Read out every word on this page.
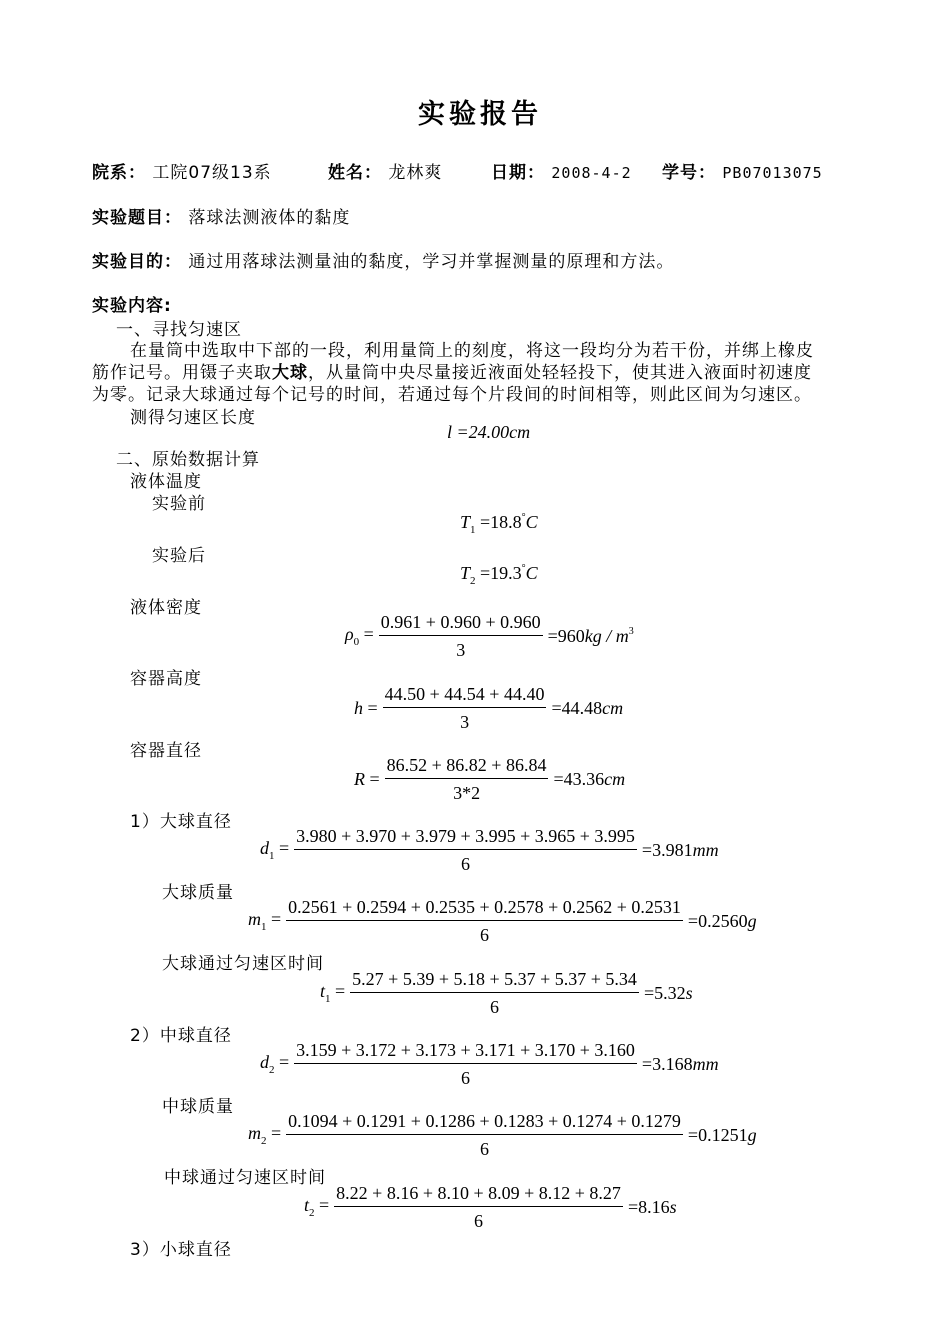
实验报告
院系： 工院07级13系	姓名： 龙林爽	日期： 2008-4-2 学号： PB07013075
实验题目： 落球法测液体的黏度
实验目的： 通过用落球法测量油的黏度，学习并掌握测量的原理和方法。
实验内容:
一、寻找匀速区
在量筒中选取中下部的一段，利用量筒上的刻度，将这一段均分为若干份，并绑上橡皮
筋作记号。用镊子夹取大球，从量筒中央尽量接近液面处轻轻投下，使其进入液面时初速度
为零。记录大球通过每个记号的时间，若通过每个片段间的时间相等，则此区间为匀速区。
测得匀速区长度
l =24.00cm
二、原始数据计算
液体温度
实验前
$T_1 =18.8^\circ C$
实验后
$T_2 =19.3^\circ C$
液体密度
$\rho_0 = \frac{0.961 + 0.960 + 0.960}{3} =960kg / m^3$
容器高度
$h = \frac{44.50 + 44.54 + 44.40}{3} =44.48cm$
容器直径
$R = \frac{86.52 + 86.82 + 86.84}{3*2} =43.36cm$
1）大球直径
$d_1 = \frac{3.980 + 3.970 + 3.979 + 3.995 + 3.965 + 3.995}{6} =3.981mm$
大球质量
$m_1 = \frac{0.2561 + 0.2594 + 0.2535 + 0.2578 + 0.2562 + 0.2531}{6} =0.2560g$
大球通过匀速区时间
$t_1 = \frac{5.27 + 5.39 + 5.18 + 5.37 + 5.37 + 5.34}{6} =5.32s$
2）中球直径
$d_2 = \frac{3.159 + 3.172 + 3.173 + 3.171 + 3.170 + 3.160}{6} =3.168mm$
中球质量
$m_2 = \frac{0.1094 + 0.1291 + 0.1286 + 0.1283 + 0.1274 + 0.1279}{6} =0.1251g$
中球通过匀速区时间
$t_2 = \frac{8.22 + 8.16 + 8.10 + 8.09 + 8.12 + 8.27}{6} =8.16s$
3）小球直径
